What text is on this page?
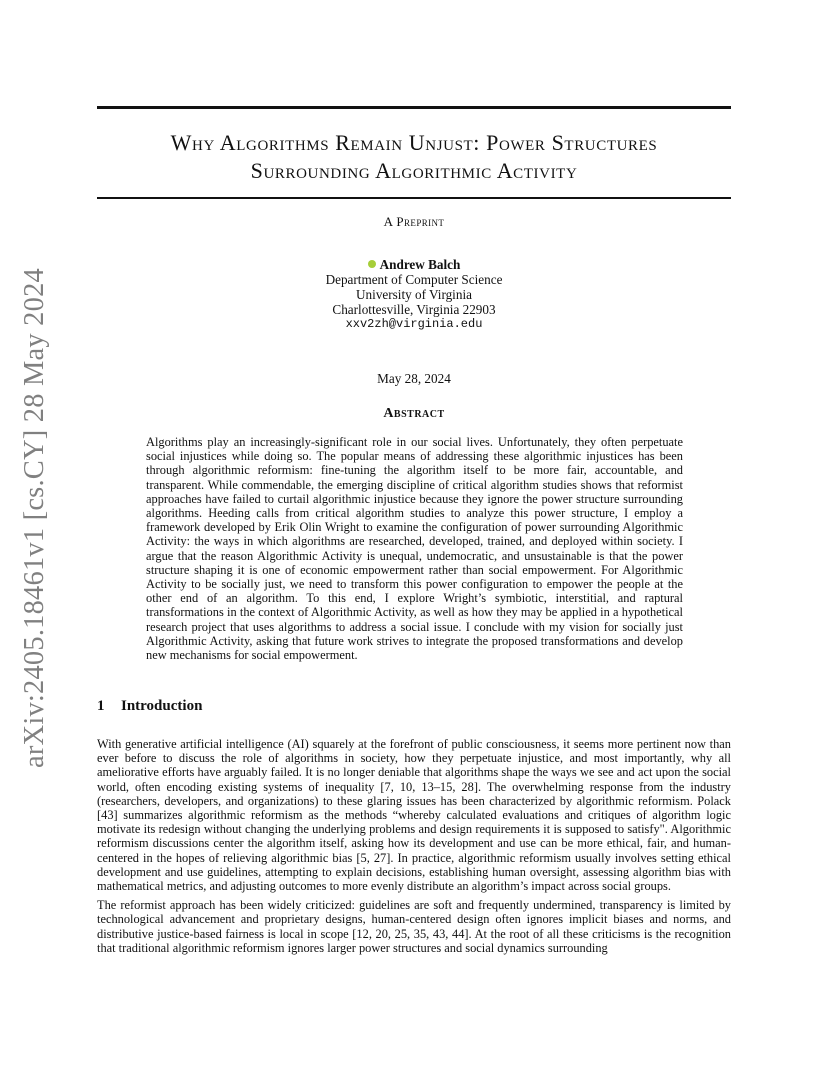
arXiv:2405.18461v1 [cs.CY] 28 May 2024
Why Algorithms Remain Unjust: Power Structures
Surrounding Algorithmic Activity
A Preprint
Andrew Balch
Department of Computer Science
University of Virginia
Charlottesville, Virginia 22903
xxv2zh@virginia.edu
May 28, 2024
Abstract
Algorithms play an increasingly-significant role in our social lives. Unfortunately, they often perpetuate social injustices while doing so. The popular means of addressing these algorithmic injustices has been through algorithmic reformism: fine-tuning the algorithm itself to be more fair, accountable, and transparent. While commendable, the emerging discipline of critical algorithm studies shows that reformist approaches have failed to curtail algorithmic injustice because they ignore the power structure surrounding algorithms. Heeding calls from critical algorithm studies to analyze this power structure, I employ a framework developed by Erik Olin Wright to examine the configuration of power surrounding Algorithmic Activity: the ways in which algorithms are researched, developed, trained, and deployed within society. I argue that the reason Algorithmic Activity is unequal, undemocratic, and unsustainable is that the power structure shaping it is one of economic empowerment rather than social empowerment. For Algorithmic Activity to be socially just, we need to transform this power configuration to empower the people at the other end of an algorithm. To this end, I explore Wright’s symbiotic, interstitial, and raptural transformations in the context of Algorithmic Activity, as well as how they may be applied in a hypothetical research project that uses algorithms to address a social issue. I conclude with my vision for socially just Algorithmic Activity, asking that future work strives to integrate the proposed transformations and develop new mechanisms for social empowerment.
1 Introduction

With generative artificial intelligence (AI) squarely at the forefront of public consciousness, it seems more pertinent now than ever before to discuss the role of algorithms in society, how they perpetuate injustice, and most importantly, why all ameliorative efforts have arguably failed. It is no longer deniable that algorithms shape the ways we see and act upon the social world, often encoding existing systems of inequality [7, 10, 13–15, 28]. The overwhelming response from the industry (researchers, developers, and organizations) to these glaring issues has been characterized by algorithmic reformism. Polack [43] summarizes algorithmic reformism as the methods “whereby calculated evaluations and critiques of algorithm logic motivate its redesign without changing the underlying problems and design requirements it is supposed to satisfy". Algorithmic reformism discussions center the algorithm itself, asking how its development and use can be more ethical, fair, and human-centered in the hopes of relieving algorithmic bias [5, 27]. In practice, algorithmic reformism usually involves setting ethical development and use guidelines, attempting to explain decisions, establishing human oversight, assessing algorithm bias with mathematical metrics, and adjusting outcomes to more evenly distribute an algorithm’s impact across social groups.

The reformist approach has been widely criticized: guidelines are soft and frequently undermined, transparency is limited by technological advancement and proprietary designs, human-centered design often ignores implicit biases and norms, and distributive justice-based fairness is local in scope [12, 20, 25, 35, 43, 44]. At the root of all these criticisms is the recognition that traditional algorithmic reformism ignores larger power structures and social dynamics surrounding
